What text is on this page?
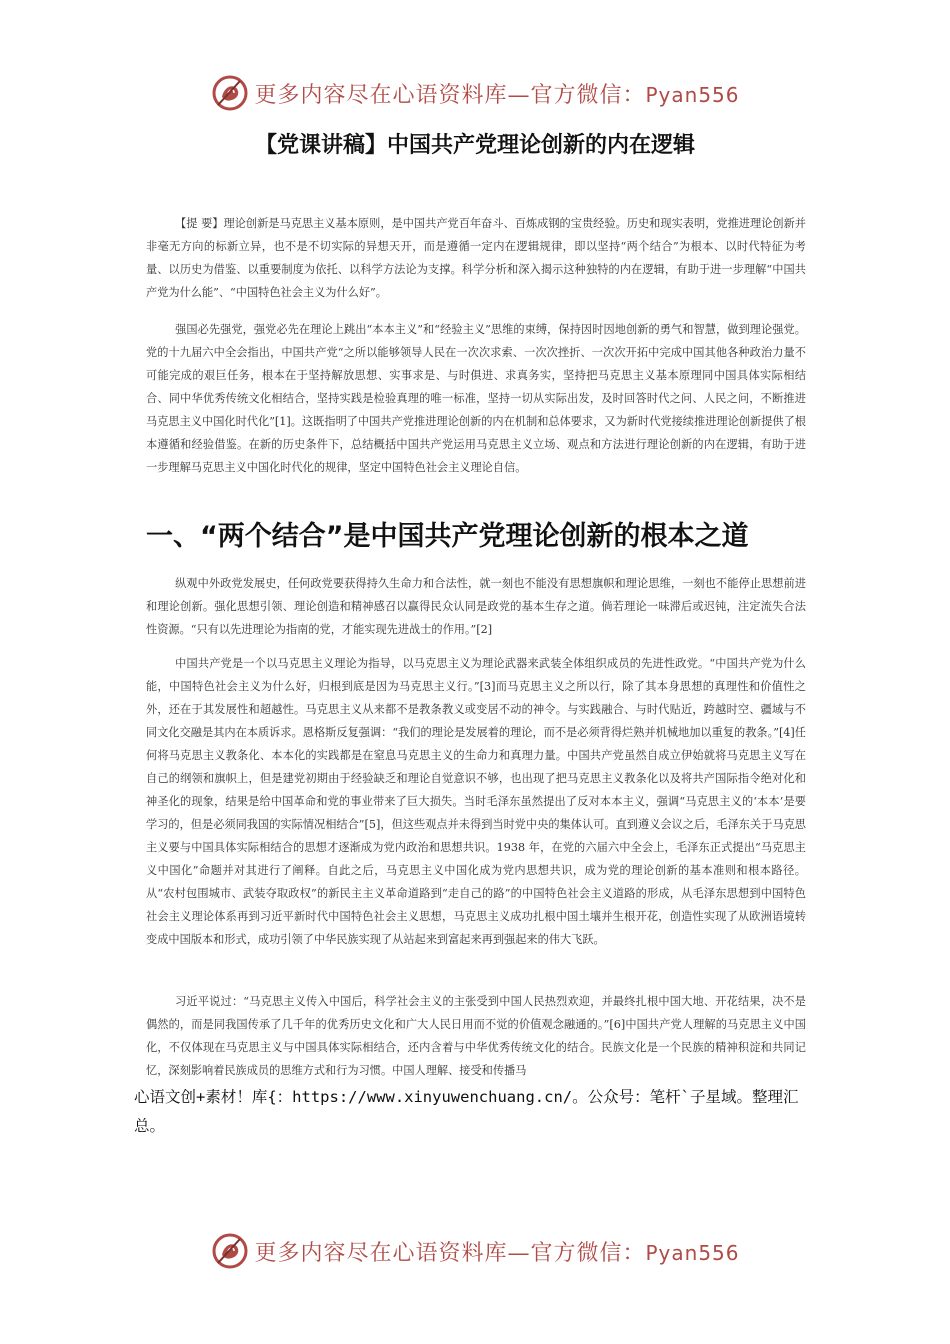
更多内容尽在心语资料库—官方微信：Pyan556
【党课讲稿】中国共产党理论创新的内在逻辑

【提 要】理论创新是马克思主义基本原则，是中国共产党百年奋斗、百炼成钢的宝贵经验。历史和现实表明，党推进理论创新并非毫无方向的标新立异，也不是不切实际的异想天开，而是遵循一定内在逻辑规律，即以坚持“两个结合”为根本、以时代特征为考量、以历史为借鉴、以重要制度为依托、以科学方法论为支撑。科学分析和深入揭示这种独特的内在逻辑，有助于进一步理解“中国共产党为什么能”、“中国特色社会主义为什么好”。

强国必先强党，强党必先在理论上跳出“本本主义”和“经验主义”思维的束缚，保持因时因地创新的勇气和智慧，做到理论强党。党的十九届六中全会指出，中国共产党“之所以能够领导人民在一次次求索、一次次挫折、一次次开拓中完成中国其他各种政治力量不可能完成的艰巨任务，根本在于坚持解放思想、实事求是、与时俱进、求真务实，坚持把马克思主义基本原理同中国具体实际相结合、同中华优秀传统文化相结合，坚持实践是检验真理的唯一标准，坚持一切从实际出发，及时回答时代之问、人民之问，不断推进马克思主义中国化时代化”[1]。这既指明了中国共产党推进理论创新的内在机制和总体要求，又为新时代党接续推进理论创新提供了根本遵循和经验借鉴。在新的历史条件下，总结概括中国共产党运用马克思主义立场、观点和方法进行理论创新的内在逻辑，有助于进一步理解马克思主义中国化时代化的规律，坚定中国特色社会主义理论自信。

一、“两个结合”是中国共产党理论创新的根本之道

纵观中外政党发展史，任何政党要获得持久生命力和合法性，就一刻也不能没有思想旗帜和理论思维，一刻也不能停止思想前进和理论创新。强化思想引领、理论创造和精神感召以赢得民众认同是政党的基本生存之道。倘若理论一味滞后或迟钝，注定流失合法性资源。“只有以先进理论为指南的党，才能实现先进战士的作用。”[2]

中国共产党是一个以马克思主义理论为指导，以马克思主义为理论武器来武装全体组织成员的先进性政党。“中国共产党为什么能，中国特色社会主义为什么好，归根到底是因为马克思主义行。”[3]而马克思主义之所以行，除了其本身思想的真理性和价值性之外，还在于其发展性和超越性。马克思主义从来都不是教条教义或变居不动的神令。与实践融合、与时代贴近，跨越时空、疆域与不同文化交融是其内在本质诉求。恩格斯反复强调：“我们的理论是发展着的理论，而不是必须背得烂熟并机械地加以重复的教条。”[4]任何将马克思主义教条化、本本化的实践都是在窒息马克思主义的生命力和真理力量。中国共产党虽然自成立伊始就将马克思主义写在自己的纲领和旗帜上，但是建党初期由于经验缺乏和理论自觉意识不够，也出现了把马克思主义教条化以及将共产国际指令绝对化和神圣化的现象，结果是给中国革命和党的事业带来了巨大损失。当时毛泽东虽然提出了反对本本主义，强调“马克思主义的‘本本’是要学习的，但是必须同我国的实际情况相结合”[5]，但这些观点并未得到当时党中央的集体认可。直到遵义会议之后，毛泽东关于马克思主义要与中国具体实际相结合的思想才逐渐成为党内政治和思想共识。1938 年，在党的六届六中全会上，毛泽东正式提出“马克思主义中国化”命题并对其进行了阐释。自此之后，马克思主义中国化成为党内思想共识，成为党的理论创新的基本准则和根本路径。从“农村包围城市、武装夺取政权”的新民主主义革命道路到“走自己的路”的中国特色社会主义道路的形成，从毛泽东思想到中国特色社会主义理论体系再到习近平新时代中国特色社会主义思想，马克思主义成功扎根中国土壤并生根开花，创造性实现了从欧洲语境转变成中国版本和形式，成功引领了中华民族实现了从站起来到富起来再到强起来的伟大飞跃。

习近平说过：“马克思主义传入中国后，科学社会主义的主张受到中国人民热烈欢迎，并最终扎根中国大地、开花结果，决不是偶然的，而是同我国传承了几千年的优秀历史文化和广大人民日用而不觉的价值观念融通的。”[6]中国共产党人理解的马克思主义中国化，不仅体现在马克思主义与中国具体实际相结合，还内含着与中华优秀传统文化的结合。民族文化是一个民族的精神积淀和共同记忆，深刻影响着民族成员的思维方式和行为习惯。中国人理解、接受和传播马

心语文创+素材！库{：https://www.xinyuwenchuang.cn/。公众号：笔杆`子星域。整理汇总。

更多内容尽在心语资料库—官方微信：Pyan556
